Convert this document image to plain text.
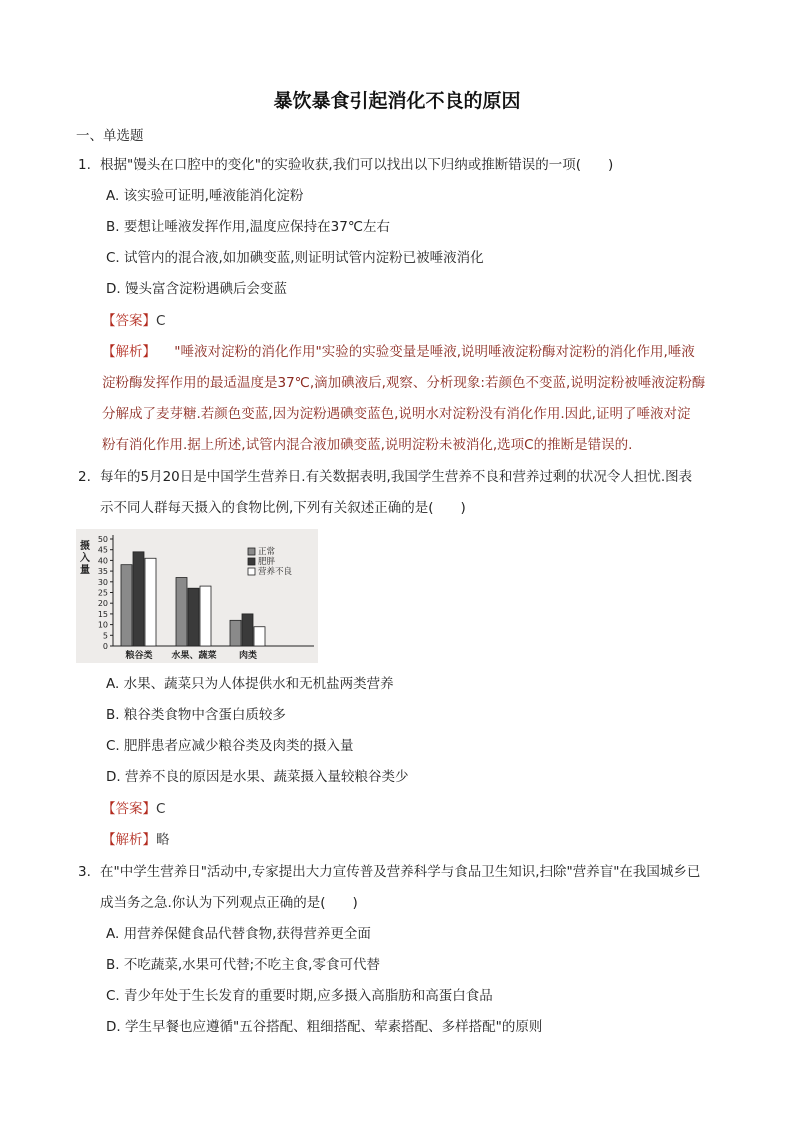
暴饮暴食引起消化不良的原因
一、单选题
1. 根据"馒头在口腔中的变化"的实验收获,我们可以找出以下归纳或推断错误的一项(　　)
A. 该实验可证明,唾液能消化淀粉
B. 要想让唾液发挥作用,温度应保持在37℃左右
C. 试管内的混合液,如加碘变蓝,则证明试管内淀粉已被唾液消化
D. 馒头富含淀粉遇碘后会变蓝
【答案】C
【解析】 "唾液对淀粉的消化作用"实验的实验变量是唾液,说明唾液淀粉酶对淀粉的消化作用,唾液
淀粉酶发挥作用的最适温度是37℃,滴加碘液后,观察、分析现象:若颜色不变蓝,说明淀粉被唾液淀粉酶
分解成了麦芽糖.若颜色变蓝,因为淀粉遇碘变蓝色,说明水对淀粉没有消化作用.因此,证明了唾液对淀
粉有消化作用.据上所述,试管内混合液加碘变蓝,说明淀粉未被消化,选项C的推断是错误的.
2. 每年的5月20日是中国学生营养日.有关数据表明,我国学生营养不良和营养过剩的状况令人担忧.图表
示不同人群每天摄入的食物比例,下列有关叙述正确的是(　　)
摄
入
量
0
5
10
15
20
25
30
35
40
45
50
粮谷类 水果、蔬菜 肉类
正常
肥胖
营养不良
A. 水果、蔬菜只为人体提供水和无机盐两类营养
B. 粮谷类食物中含蛋白质较多
C. 肥胖患者应减少粮谷类及肉类的摄入量
D. 营养不良的原因是水果、蔬菜摄入量较粮谷类少
【答案】C
【解析】略
3. 在"中学生营养日"活动中,专家提出大力宣传普及营养科学与食品卫生知识,扫除"营养盲"在我国城乡已
成当务之急.你认为下列观点正确的是(　　)
A. 用营养保健食品代替食物,获得营养更全面
B. 不吃蔬菜,水果可代替;不吃主食,零食可代替
C. 青少年处于生长发育的重要时期,应多摄入高脂肪和高蛋白食品
D. 学生早餐也应遵循"五谷搭配、粗细搭配、荤素搭配、多样搭配"的原则
